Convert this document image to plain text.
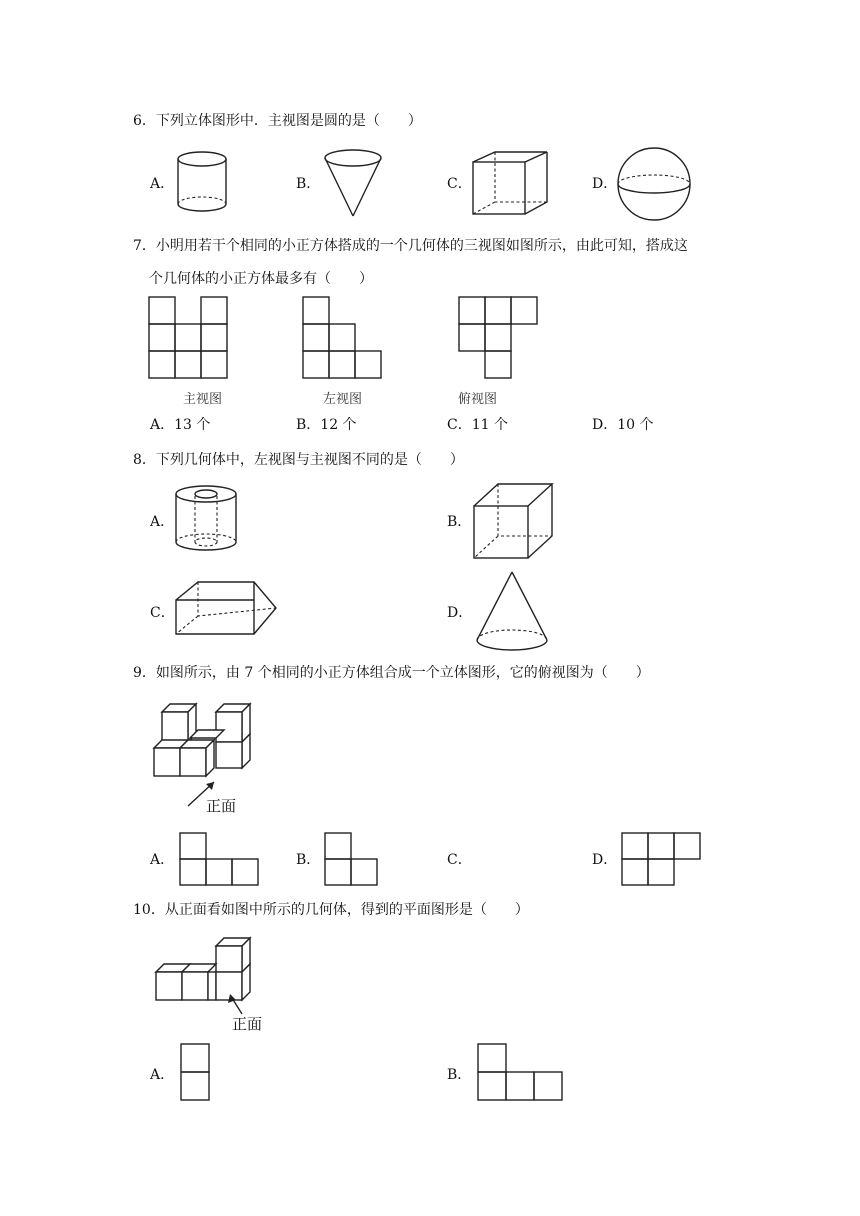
6．下列立体图形中．主视图是圆的是（　　）
A．	B．	C．	D．
7．小明用若干个相同的小正方体搭成的一个几何体的三视图如图所示，由此可知，搭成这
个几何体的小正方体最多有（　　）
主视图	左视图	俯视图
A．13 个	B．12 个	C．11 个	D．10 个
8．下列几何体中，左视图与主视图不同的是（　　）
A．	B．
C．	D．
9．如图所示，由 7 个相同的小正方体组合成一个立体图形，它的俯视图为（　　）
正面
A．	B．	C．	D．
10．从正面看如图中所示的几何体，得到的平面图形是（　　）
正面
A．	B．
